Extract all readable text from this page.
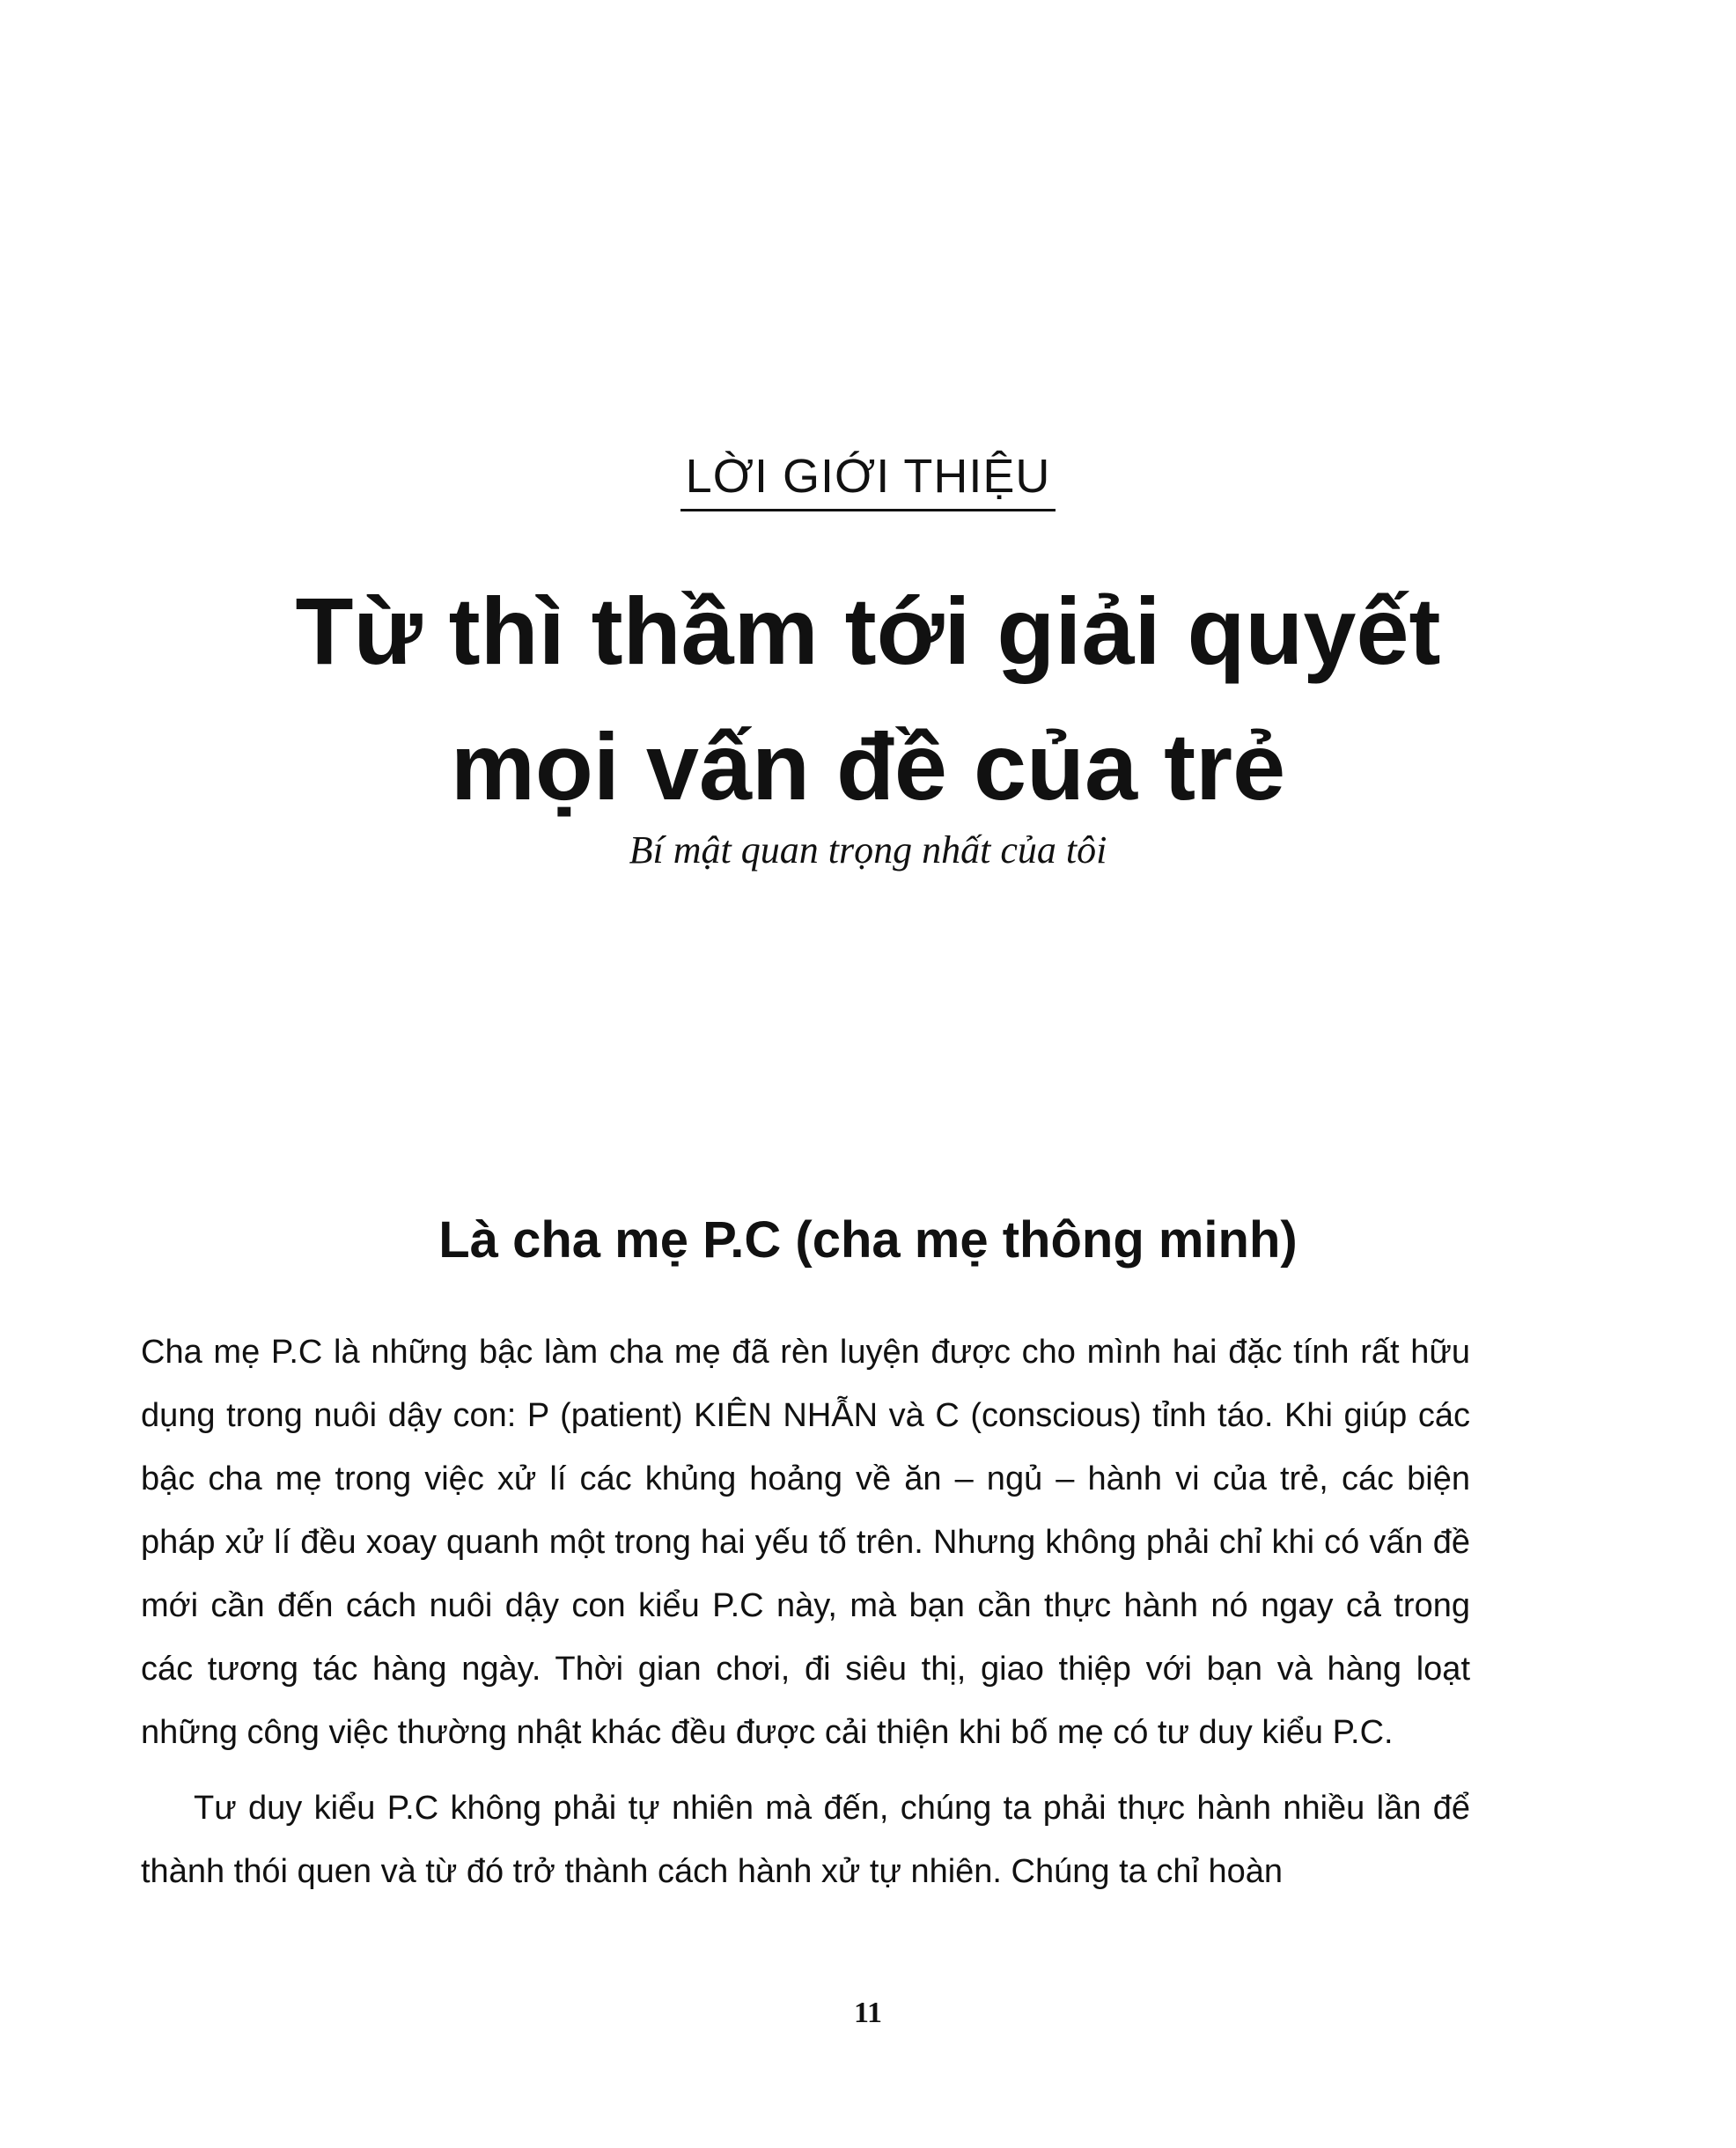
LỜI GIỚI THIỆU
Từ thì thầm tới giải quyết
mọi vấn đề của trẻ
Bí mật quan trọng nhất của tôi
Là cha mẹ P.C (cha mẹ thông minh)

Cha mẹ P.C là những bậc làm cha mẹ đã rèn luyện được cho mình hai đặc tính rất hữu dụng trong nuôi dậy con: P (patient) KIÊN NHẪN và C (conscious) tỉnh táo. Khi giúp các bậc cha mẹ trong việc xử lí các khủng hoảng về ăn – ngủ – hành vi của trẻ, các biện pháp xử lí đều xoay quanh một trong hai yếu tố trên. Nhưng không phải chỉ khi có vấn đề mới cần đến cách nuôi dậy con kiểu P.C này, mà bạn cần thực hành nó ngay cả trong các tương tác hàng ngày. Thời gian chơi, đi siêu thị, giao thiệp với bạn và hàng loạt những công việc thường nhật khác đều được cải thiện khi bố mẹ có tư duy kiểu P.C.

Tư duy kiểu P.C không phải tự nhiên mà đến, chúng ta phải thực hành nhiều lần để thành thói quen và từ đó trở thành cách hành xử tự nhiên. Chúng ta chỉ hoàn

11
